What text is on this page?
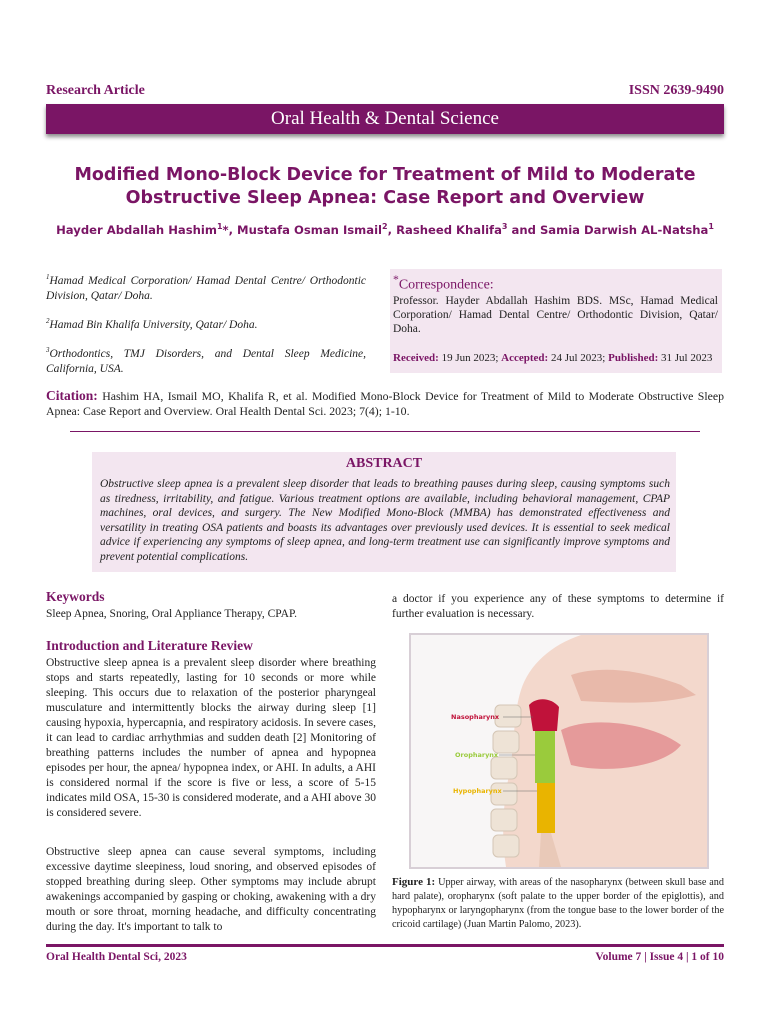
Research Article	ISSN 2639-9490
Oral Health & Dental Science
Modified Mono-Block Device for Treatment of Mild to Moderate
Obstructive Sleep Apnea: Case Report and Overview
Hayder Abdallah Hashim$^1$*, Mustafa Osman Ismail$^2$, Rasheed Khalifa$^3$ and Samia Darwish AL-Natsha$^1$
$^1$Hamad Medical Corporation/ Hamad Dental Centre/ Orthodontic Division, Qatar/ Doha.
$^2$Hamad Bin Khalifa University, Qatar/ Doha.
$^3$Orthodontics, TMJ Disorders, and Dental Sleep Medicine, California, USA.
*Correspondence:
Professor. Hayder Abdallah Hashim BDS. MSc, Hamad Medical Corporation/ Hamad Dental Centre/ Orthodontic Division, Qatar/ Doha.
Received: 19 Jun 2023; Accepted: 24 Jul 2023; Published: 31 Jul 2023
Citation: Hashim HA, Ismail MO, Khalifa R, et al. Modified Mono-Block Device for Treatment of Mild to Moderate Obstructive Sleep Apnea: Case Report and Overview. Oral Health Dental Sci. 2023; 7(4); 1-10.
ABSTRACT
Obstructive sleep apnea is a prevalent sleep disorder that leads to breathing pauses during sleep, causing symptoms such as tiredness, irritability, and fatigue. Various treatment options are available, including behavioral management, CPAP machines, oral devices, and surgery. The New Modified Mono-Block (MMBA) has demonstrated effectiveness and versatility in treating OSA patients and boasts its advantages over previously used devices. It is essential to seek medical advice if experiencing any symptoms of sleep apnea, and long-term treatment use can significantly improve symptoms and prevent potential complications.
Keywords
Sleep Apnea, Snoring, Oral Appliance Therapy, CPAP.
Introduction and Literature Review
Obstructive sleep apnea is a prevalent sleep disorder where breathing stops and starts repeatedly, lasting for 10 seconds or more while sleeping. This occurs due to relaxation of the posterior pharyngeal musculature and intermittently blocks the airway during sleep [1] causing hypoxia, hypercapnia, and respiratory acidosis. In severe cases, it can lead to cardiac arrhythmias and sudden death [2] Monitoring of breathing patterns includes the number of apnea and hypopnea episodes per hour, the apnea/ hypopnea index, or AHI. In adults, a AHI is considered normal if the score is five or less, a score of 5-15 indicates mild OSA, 15-30 is considered moderate, and a AHI above 30 is considered severe.
Obstructive sleep apnea can cause several symptoms, including excessive daytime sleepiness, loud snoring, and observed episodes of stopped breathing during sleep. Other symptoms may include abrupt awakenings accompanied by gasping or choking, awakening with a dry mouth or sore throat, morning headache, and difficulty concentrating during the day. It's important to talk to
a doctor if you experience any of these symptoms to determine if further evaluation is necessary.
Nasopharynx
Oropharynx
Hypopharynx
Figure 1: Upper airway, with areas of the nasopharynx (between skull base and hard palate), oropharynx (soft palate to the upper border of the epiglottis), and hypopharynx or laryngopharynx (from the tongue base to the lower border of the cricoid cartilage) (Juan Martin Palomo, 2023).
Oral Health Dental Sci, 2023	Volume 7 | Issue 4 | 1 of 10
